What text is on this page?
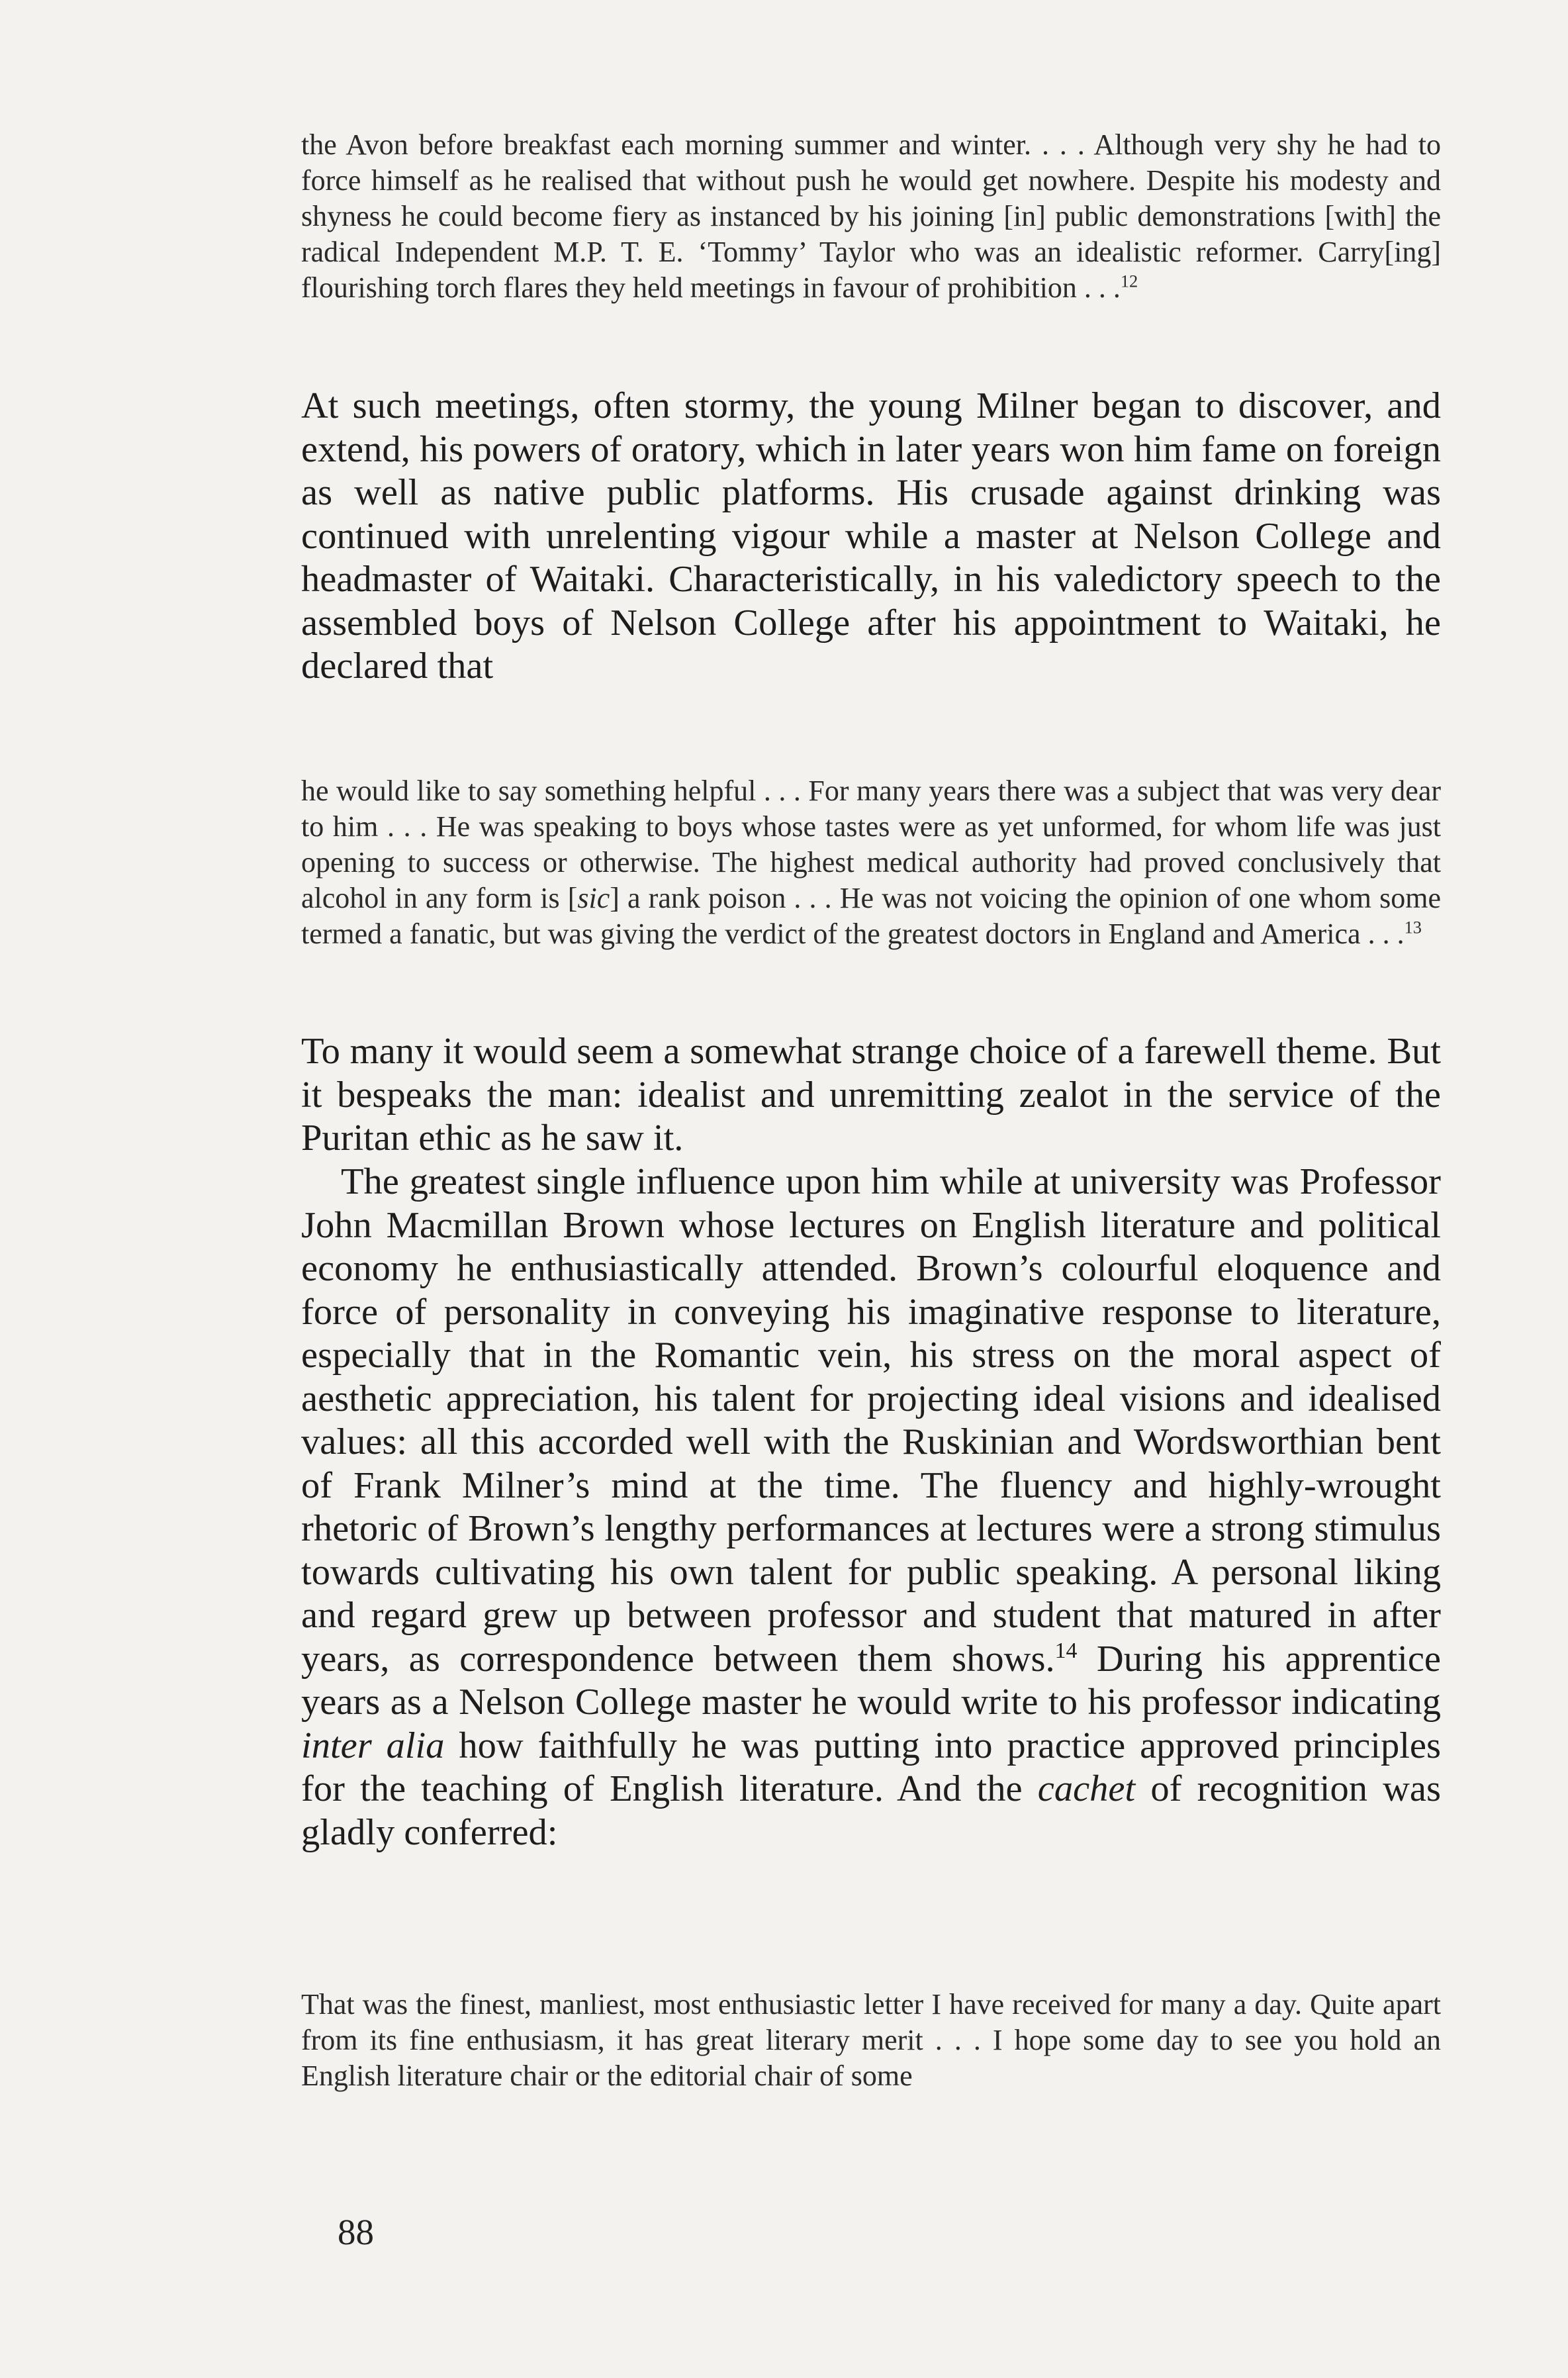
the Avon before breakfast each morning summer and winter. . . . Although very shy he had to force himself as he realised that without push he would get nowhere. Despite his modesty and shyness he could become fiery as instanced by his joining [in] public demonstrations [with] the radical Independent M.P. T. E. ‘Tommy’ Taylor who was an idealistic reformer. Carry[ing] flourishing torch flares they held meetings in favour of prohibition . . .$^{12}$

At such meetings, often stormy, the young Milner began to discover, and extend, his powers of oratory, which in later years won him fame on foreign as well as native public platforms. His crusade against drinking was continued with unrelenting vigour while a master at Nelson College and headmaster of Waitaki. Characteristically, in his valedictory speech to the assembled boys of Nelson College after his appointment to Waitaki, he declared that

he would like to say something helpful . . . For many years there was a subject that was very dear to him . . . He was speaking to boys whose tastes were as yet unformed, for whom life was just opening to success or otherwise. The highest medical authority had proved conclusively that alcohol in any form is [sic] a rank poison . . . He was not voicing the opinion of one whom some termed a fanatic, but was giving the verdict of the greatest doctors in England and America . . .$^{13}$

To many it would seem a somewhat strange choice of a farewell theme. But it bespeaks the man: idealist and unremitting zealot in the service of the Puritan ethic as he saw it.

The greatest single influence upon him while at university was Professor John Macmillan Brown whose lectures on English literature and political economy he enthusiastically attended. Brown’s colourful eloquence and force of personality in conveying his imaginative response to literature, especially that in the Romantic vein, his stress on the moral aspect of aesthetic appreciation, his talent for projecting ideal visions and idealised values: all this accorded well with the Ruskinian and Wordsworthian bent of Frank Milner’s mind at the time. The fluency and highly-wrought rhetoric of Brown’s lengthy performances at lectures were a strong stimulus towards cultivating his own talent for public speaking. A personal liking and regard grew up between professor and student that matured in after years, as correspondence between them shows.$^{14}$ During his apprentice years as a Nelson College master he would write to his professor indicating inter alia how faithfully he was putting into practice approved principles for the teaching of English literature. And the cachet of recognition was gladly conferred:

That was the finest, manliest, most enthusiastic letter I have received for many a day. Quite apart from its fine enthusiasm, it has great literary merit . . . I hope some day to see you hold an English literature chair or the editorial chair of some

88
